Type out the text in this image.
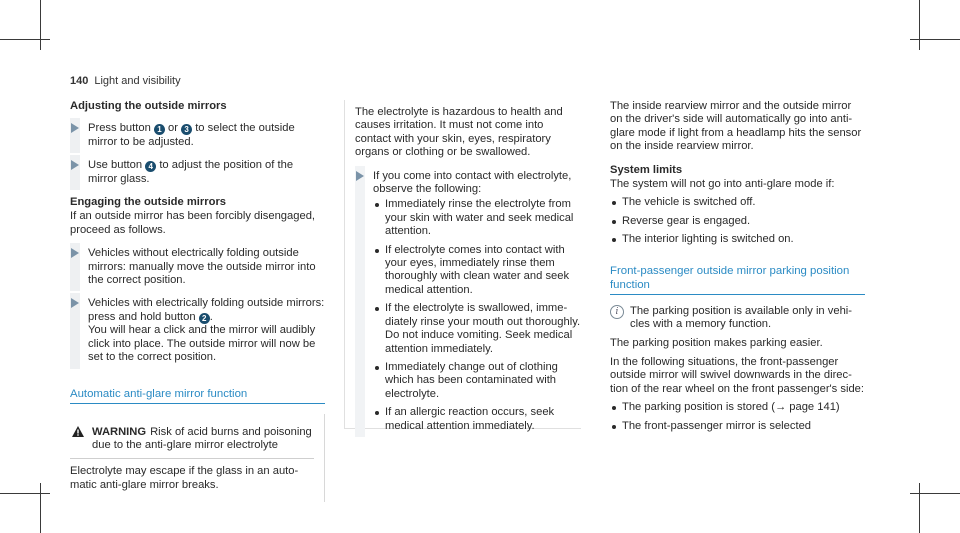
140 Light and visibility

Adjusting the outside mirrors

Press button 1 or 3 to select the outside mirror to be adjusted.
Use button 4 to adjust the position of the mirror glass.

Engaging the outside mirrors

If an outside mirror has been forcibly disengaged, proceed as follows.

Vehicles without electrically folding outside mirrors: manually move the outside mirror into the correct position.
Vehicles with electrically folding outside mirrors: press and hold button 2 .
You will hear a click and the mirror will audibly click into place. The outside mirror will now be set to the correct position.
Automatic anti-glare mirror function
WARNING Risk of acid burns and poisoning due to the anti-glare mirror electrolyte
Electrolyte may escape if the glass in an automatic anti-glare mirror breaks.

The electrolyte is hazardous to health and causes irritation. It must not come into contact with your skin, eyes, respiratory organs or clothing or be swallowed.

If you come into contact with electrolyte, observe the following:
Immediately rinse the electrolyte from your skin with water and seek medical attention.
If electrolyte comes into contact with your eyes, immediately rinse them thoroughly with clean water and seek medical attention.
If the electrolyte is swallowed, immediately rinse your mouth out thoroughly. Do not induce vomiting. Seek medical attention immediately.
Immediately change out of clothing which has been contaminated with electrolyte.
If an allergic reaction occurs, seek medical attention immediately.

The inside rearview mirror and the outside mirror on the driver's side will automatically go into anti-glare mode if light from a headlamp hits the sensor on the inside rearview mirror.

System limits

The system will not go into anti-glare mode if:

The vehicle is switched off.
Reverse gear is engaged.
The interior lighting is switched on.
Front-passenger outside mirror parking position function
i	The parking position is available only in vehicles with a memory function.

The parking position makes parking easier.

In the following situations, the front-passenger outside mirror will swivel downwards in the direction of the rear wheel on the front passenger's side:

The parking position is stored (→ page 141)
The front-passenger mirror is selected
